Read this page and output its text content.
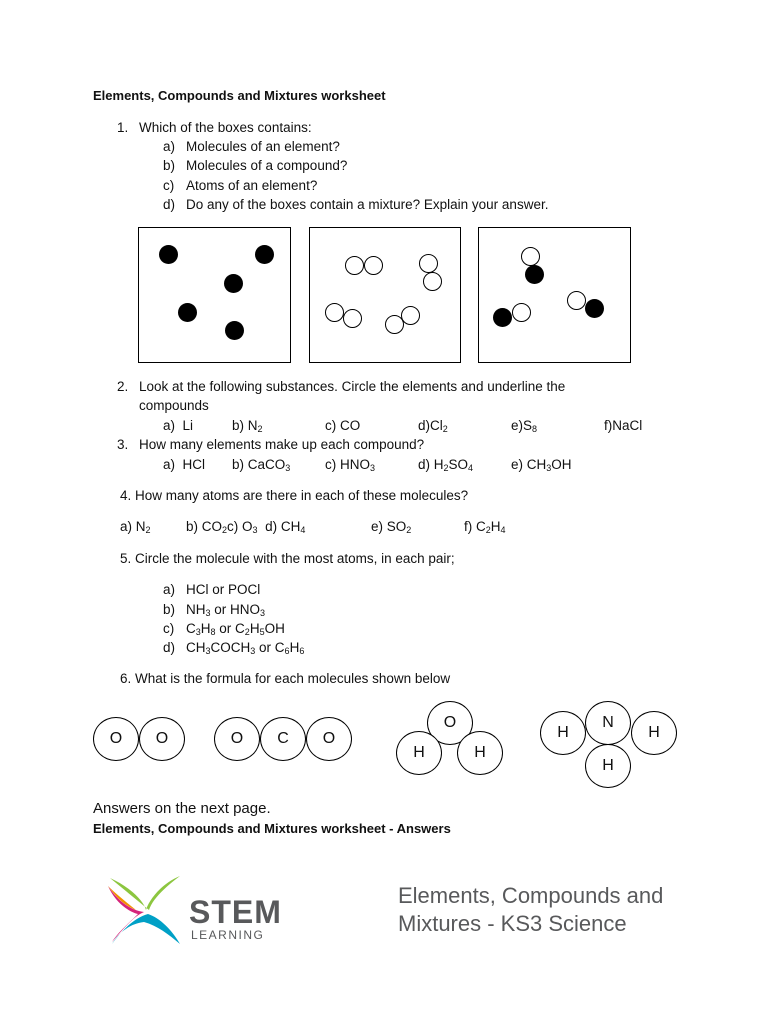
Elements, Compounds and Mixtures worksheet
1. Which of the boxes contains:
a) Molecules of an element?
b) Molecules of a compound?
c) Atoms of an element?
d) Do any of the boxes contain a mixture? Explain your answer.
2. Look at the following substances. Circle the elements and underline the
compounds
a)  Li	b) $N_2$	c) CO	$d)Cl_2$	$e)S_8$	f)NaCl
3. How many elements make up each compound?
a)  HCl b) CaCO$_3$	c) $HNO_3$	d) $H_2SO_4$	e) $CH_3OH$
4. How many atoms are there in each of these molecules?
a) $N_2$	b) $CO_2c$) $O_3$  d) $CH_4$	e) $SO_2$	f) $C_2H_4$
5. Circle the molecule with the most atoms, in each pair;
a) HCl or POCl
b) $NH_3$ or $HNO_3$
c) $C_3H_8$ or $C_2H_5OH$
d) $CH_3COCH_3$ or $C_6H_6$
6. What is the formula for each molecules shown below
O	O	O	C	O
O
H	H
H
N
H
H
Answers on the next page.
Elements, Compounds and Mixtures worksheet - Answers
STEM
LEARNING
Elements, Compounds and
Mixtures - KS3 Science
